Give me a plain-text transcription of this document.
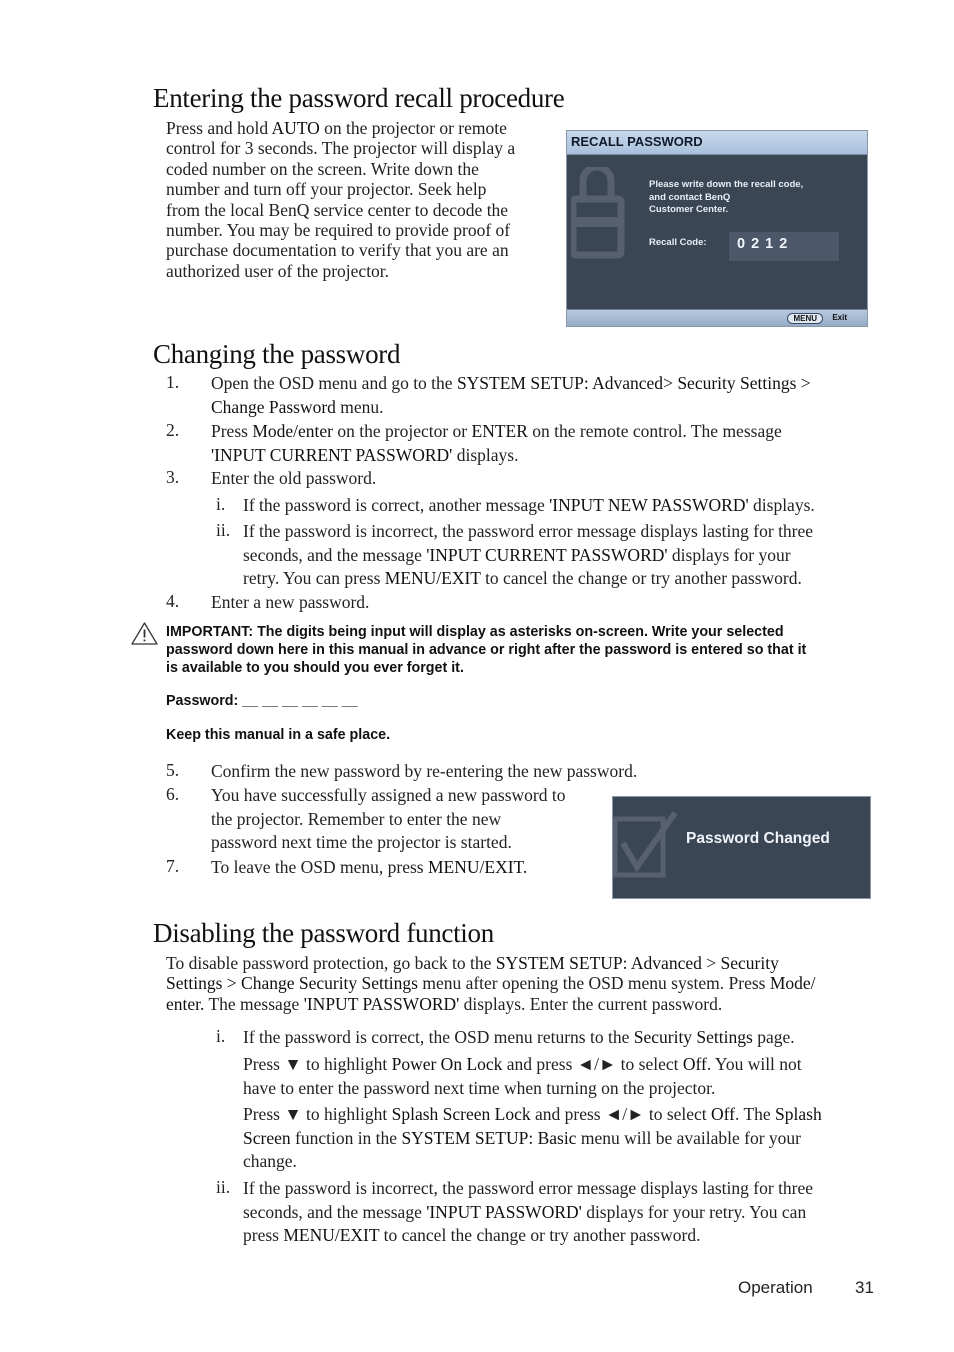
Entering the password recall procedure
Press and hold AUTO on the projector or remote
control for 3 seconds. The projector will display a
coded number on the screen. Write down the
number and turn off your projector. Seek help
from the local BenQ service center to decode the
number. You may be required to provide proof of
purchase documentation to verify that you are an
authorized user of the projector.
RECALL PASSWORD
Please write down the recall code,
and contact BenQ
Customer Center.
Recall Code:	0 2 1 2
MENU	Exit
Changing the password
1.	Open the OSD menu and go to the SYSTEM SETUP: Advanced> Security Settings >
Change Password menu.
2.	Press Mode/enter on the projector or ENTER on the remote control. The message
'INPUT CURRENT PASSWORD' displays.
3.	Enter the old password.
i.	If the password is correct, another message 'INPUT NEW PASSWORD' displays.
ii. If the password is incorrect, the password error message displays lasting for three
seconds, and the message 'INPUT CURRENT PASSWORD' displays for your
retry. You can press MENU/EXIT to cancel the change or try another password.
4.	Enter a new password.
IMPORTANT: The digits being input will display as asterisks on-screen. Write your selected
password down here in this manual in advance or right after the password is entered so that it
is available to you should you ever forget it.
Password: __ __ __ __ __ __
Keep this manual in a safe place.
5.	Confirm the new password by re-entering the new password.
6.	You have successfully assigned a new password to
the projector. Remember to enter the new
password next time the projector is started.
7.	To leave the OSD menu, press MENU/EXIT.
Password Changed
Disabling the password function
To disable password protection, go back to the SYSTEM SETUP: Advanced > Security
Settings > Change Security Settings menu after opening the OSD menu system. Press Mode/
enter. The message 'INPUT PASSWORD' displays. Enter the current password.
i.	If the password is correct, the OSD menu returns to the Security Settings page.
Press ▼ to highlight Power On Lock and press ◄/► to select Off. You will not
have to enter the password next time when turning on the projector.
Press ▼ to highlight Splash Screen Lock and press ◄/► to select Off. The Splash
Screen function in the SYSTEM SETUP: Basic menu will be available for your
change.
ii. If the password is incorrect, the password error message displays lasting for three
seconds, and the message 'INPUT PASSWORD' displays for your retry. You can
press MENU/EXIT to cancel the change or try another password.
Operation 31
